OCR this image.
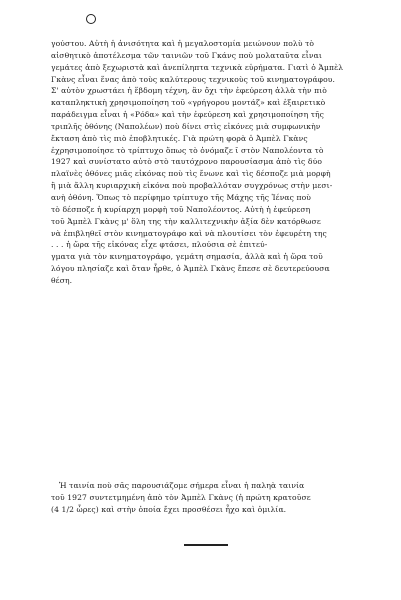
γούστου. Αὐτὴ ἡ ἀνισότητα καὶ ἡ μεγαλοστομία μειώνουν πολὺ τὸ
αἰσθητικὸ ἀποτέλεσμα τῶν ταινιῶν τοῦ Γκάνς ποὺ μολαταῦτα εἶναι
γεμάτες ἀπὸ ξεχωριστὰ καὶ ἀνεπίληπτα τεχνικὰ εὑρήματα. Γιατὶ ὁ Ἀμπὲλ
Γκὰνς εἶναι ἕνας ἀπὸ τοὺς καλύτερους τεχνικοὺς τοῦ κινηματογράφου.
Σ' αὐτὸν χρωστάει ἡ ἕβδομη τέχνη, ἂν ὄχι τὴν ἐφεύρεση ἀλλὰ τὴν πιὸ
καταπληκτικὴ χρησιμοποίηση τοῦ «γρήγορου μοντάζ» καὶ ἐξαιρετικὸ
παράδειγμα εἶναι ἡ «Ρόδα» καὶ τὴν ἐφεύρεση καὶ χρησιμοποίηση τῆς
τριπλῆς ὀθόνης (Ναπολέων) ποὺ δίνει στὶς εἰκόνες μιὰ συμφωνικὴν
ἔκταση ἀπὸ τὶς πιὸ ἐποβλητικές. Γιὰ πρώτη φορὰ ὁ Ἀμπὲλ Γκὰνς
ἐχρησιμοποίησε τὸ τρίπτυχο ὅπως τὸ ὀνόμαζε ῖ στὸν Ναπολέοντα τὸ
1927 καὶ συνίστατο αὐτὸ στὸ ταυτόχρονο παρουσίασμα ἀπὸ τὶς δύο
πλαϊνὲς ὀθόνες μιᾶς εἰκόνας ποὺ τὶς ἔνωνε καὶ τὶς δέσποζε μιὰ μορφὴ
ἢ μιὰ ἄλλη κυριαρχικὴ εἰκόνα ποὺ προβαλλόταν συγχρόνως στὴν μεσι-
ανὴ ὀθόνη. Ὅπως τὸ περίφημο τρίπτυχο τῆς Μάχης τῆς Ἰένας ποὺ
τὸ δέσποζε ἡ κυρίαρχη μορφὴ τοῦ Ναπολέοντος. Αὐτὴ ἡ ἐφεύρεση
τοῦ Ἀμπὲλ Γκὰνς μ' ὅλη της τὴν καλλιτεχνικὴν ἀξία δὲν κατόρθωσε
νὰ ἐπιβληθεῖ στὸν κινηματογράφο καὶ νὰ πλουτίσει τὸν ἐφευρέτη της
. . . ἡ ὥρα τῆς εἰκόνας εἶχε φτάσει, πλούσια σὲ ἐπιτεύ-
γματα γιὰ τὸν κινηματογράφο, γεμάτη σημασία, ἀλλὰ καὶ ἡ ὥρα τοῦ
λόγου πλησίαζε καὶ ὅταν ἦρθε, ὁ Ἀμπὲλ Γκὰνς ἔπεσε σὲ δευτερεύουσα
θέση.

Ἡ ταινία ποὺ σᾶς παρουσιάζομε σήμερα εἶναι ἡ παληὰ ταινία
τοῦ 1927 συντετμημένη ἀπὸ τὸν Ἀμπὲλ Γκὰνς (ἡ πρώτη κρατοῦσε
(4 1/2 ὧρες) καὶ στὴν ὁποία ἔχει προσθέσει ἦχο καὶ ὁμιλία.
